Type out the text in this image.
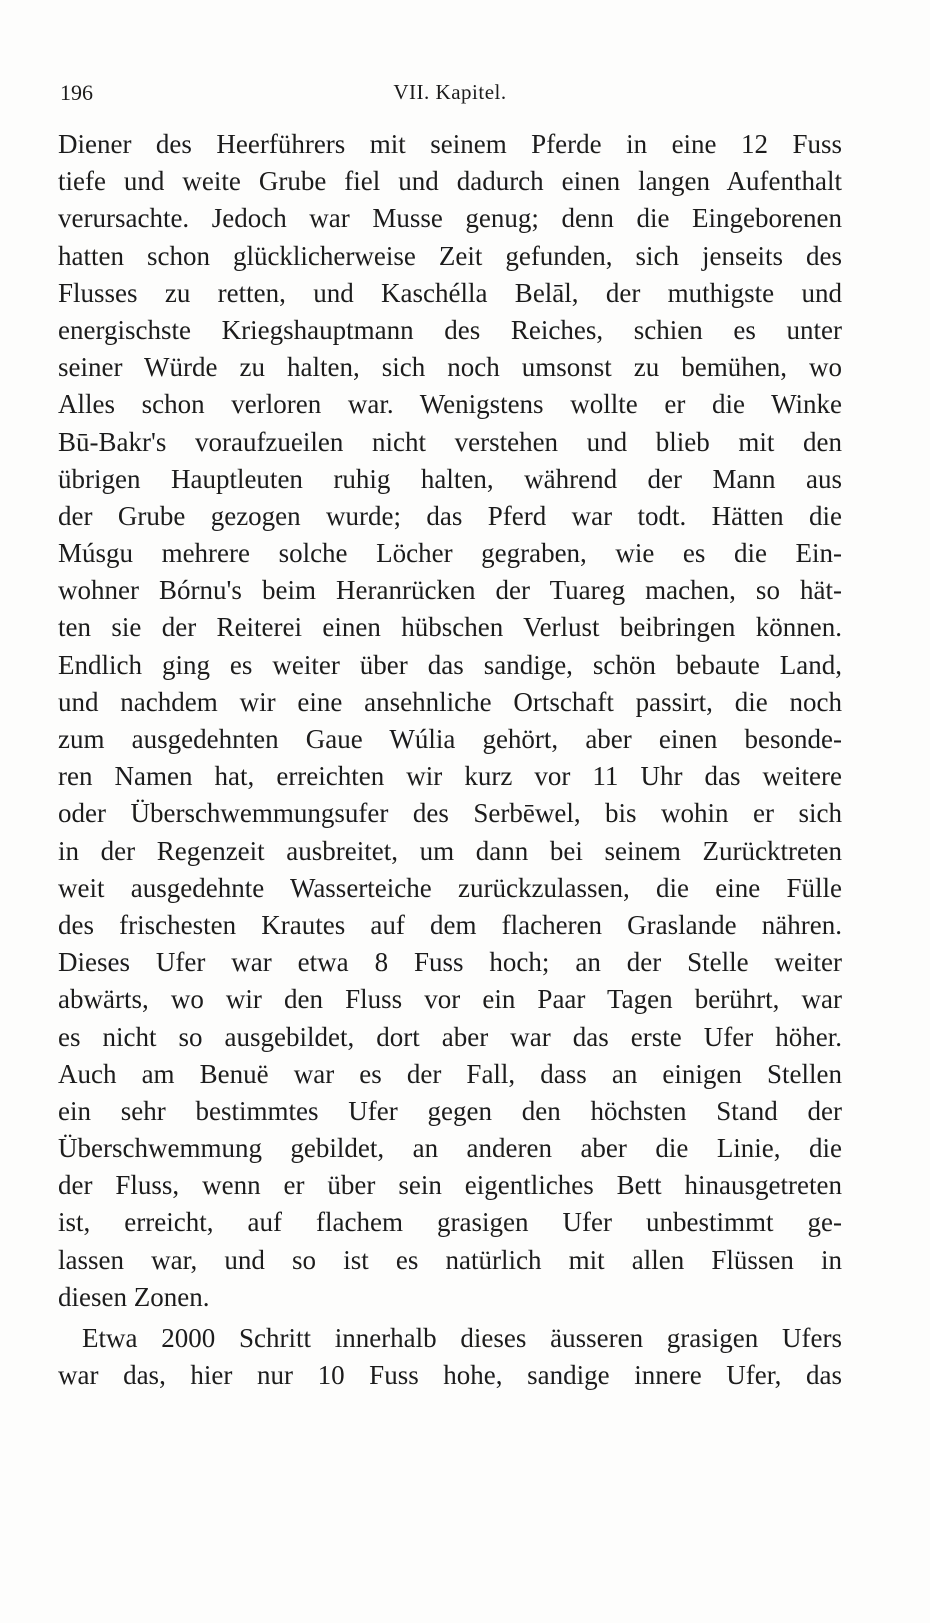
196	VII. Kapitel.
Diener des Heerführers mit seinem Pferde in eine 12 Fuss
tiefe und weite Grube fiel und dadurch einen langen Aufenthalt
verursachte. Jedoch war Musse genug; denn die Eingeborenen
hatten schon glücklicherweise Zeit gefunden, sich jenseits des
Flusses zu retten, und Kaschélla Belāl, der muthigste und
energischste Kriegshauptmann des Reiches, schien es unter
seiner Würde zu halten, sich noch umsonst zu bemühen, wo
Alles schon verloren war. Wenigstens wollte er die Winke
Bū-Bakr's voraufzueilen nicht verstehen und blieb mit den
übrigen Hauptleuten ruhig halten, während der Mann aus
der Grube gezogen wurde; das Pferd war todt. Hätten die
Músgu mehrere solche Löcher gegraben, wie es die Ein-
wohner Bórnu's beim Heranrücken der Tuareg machen, so hät-
ten sie der Reiterei einen hübschen Verlust beibringen können.
Endlich ging es weiter über das sandige, schön bebaute Land,
und nachdem wir eine ansehnliche Ortschaft passirt, die noch
zum ausgedehnten Gaue Wúlia gehört, aber einen besonde-
ren Namen hat, erreichten wir kurz vor 11 Uhr das weitere
oder Überschwemmungsufer des Serbēwel, bis wohin er sich
in der Regenzeit ausbreitet, um dann bei seinem Zurücktreten
weit ausgedehnte Wasserteiche zurückzulassen, die eine Fülle
des frischesten Krautes auf dem flacheren Graslande nähren.
Dieses Ufer war etwa 8 Fuss hoch; an der Stelle weiter
abwärts, wo wir den Fluss vor ein Paar Tagen berührt, war
es nicht so ausgebildet, dort aber war das erste Ufer höher.
Auch am Benuë war es der Fall, dass an einigen Stellen
ein sehr bestimmtes Ufer gegen den höchsten Stand der
Überschwemmung gebildet, an anderen aber die Linie, die
der Fluss, wenn er über sein eigentliches Bett hinausgetreten
ist, erreicht, auf flachem grasigen Ufer unbestimmt ge-
lassen war, und so ist es natürlich mit allen Flüssen in
diesen Zonen.
Etwa 2000 Schritt innerhalb dieses äusseren grasigen Ufers
war das, hier nur 10 Fuss hohe, sandige innere Ufer, das
